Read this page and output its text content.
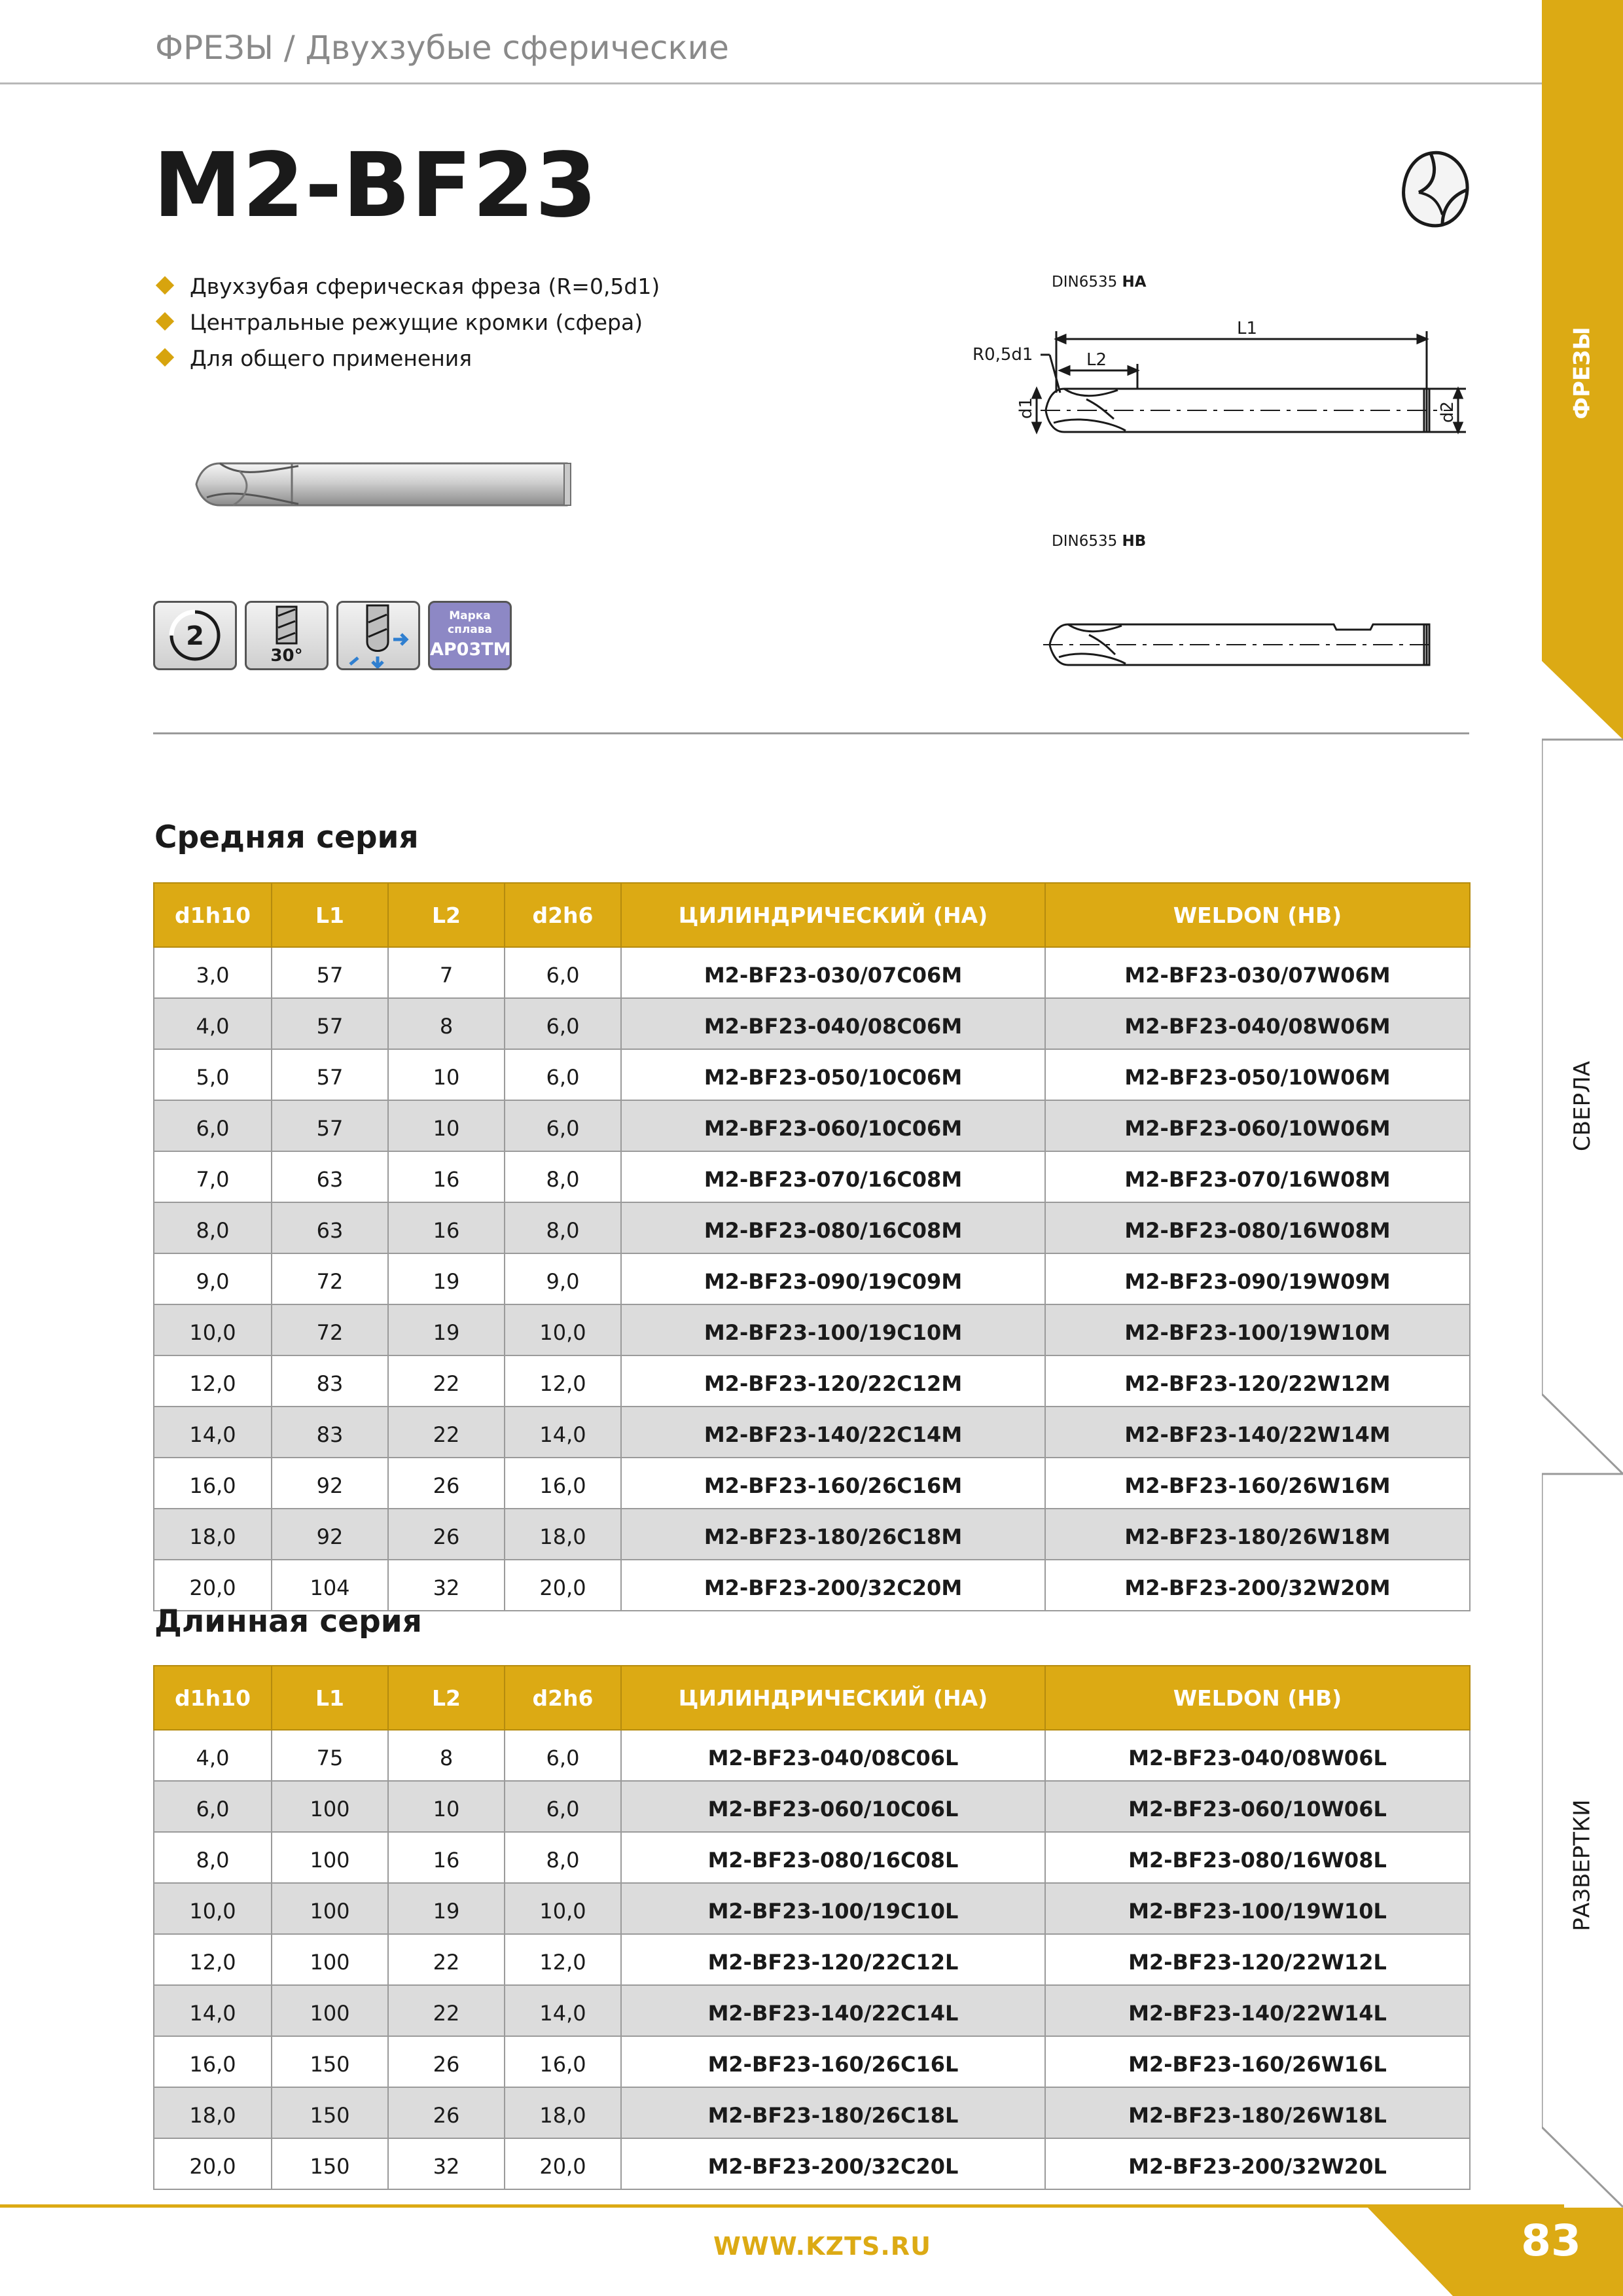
ФРЕЗЫ / Двухзубые сферические
M2-BF23
Двухзубая сферическая фреза (R=0,5d1)
Центральные режущие кромки (сфера)
Для общего применения
2
30°
Марка
сплава
AP03TM
DIN6535 HA
L1
L2
R0,5d1
d1	d2
DIN6535 HB
Средняя серия
d1h10	L1	L2	d2h6	ЦИЛИНДРИЧЕСКИЙ (HA)	WELDON (HB)
3,0	57	7	6,0	M2-BF23-030/07C06M	M2-BF23-030/07W06M
4,0	57	8	6,0	M2-BF23-040/08C06M	M2-BF23-040/08W06M
5,0	57	10	6,0	M2-BF23-050/10C06M	M2-BF23-050/10W06M
6,0	57	10	6,0	M2-BF23-060/10C06M	M2-BF23-060/10W06M
7,0	63	16	8,0	M2-BF23-070/16C08M	M2-BF23-070/16W08M
8,0	63	16	8,0	M2-BF23-080/16C08M	M2-BF23-080/16W08M
9,0	72	19	9,0	M2-BF23-090/19C09M	M2-BF23-090/19W09M
10,0	72	19	10,0	M2-BF23-100/19C10M	M2-BF23-100/19W10M
12,0	83	22	12,0	M2-BF23-120/22C12M	M2-BF23-120/22W12M
14,0	83	22	14,0	M2-BF23-140/22C14M	M2-BF23-140/22W14M
16,0	92	26	16,0	M2-BF23-160/26C16M	M2-BF23-160/26W16M
18,0	92	26	18,0	M2-BF23-180/26C18M	M2-BF23-180/26W18M
20,0	104	32	20,0	M2-BF23-200/32C20M	M2-BF23-200/32W20M
Длинная серия
d1h10	L1	L2	d2h6	ЦИЛИНДРИЧЕСКИЙ (HA)	WELDON (HB)
4,0	75	8	6,0	M2-BF23-040/08C06L	M2-BF23-040/08W06L
6,0	100	10	6,0	M2-BF23-060/10C06L	M2-BF23-060/10W06L
8,0	100	16	8,0	M2-BF23-080/16C08L	M2-BF23-080/16W08L
10,0	100	19	10,0	M2-BF23-100/19C10L	M2-BF23-100/19W10L
12,0	100	22	12,0	M2-BF23-120/22C12L	M2-BF23-120/22W12L
14,0	100	22	14,0	M2-BF23-140/22C14L	M2-BF23-140/22W14L
16,0	150	26	16,0	M2-BF23-160/26C16L	M2-BF23-160/26W16L
18,0	150	26	18,0	M2-BF23-180/26C18L	M2-BF23-180/26W18L
20,0	150	32	20,0	M2-BF23-200/32C20L	M2-BF23-200/32W20L
ФРЕЗЫ
СВЕРЛА
РАЗВЕРТКИ
WWW.KZTS.RU	83
